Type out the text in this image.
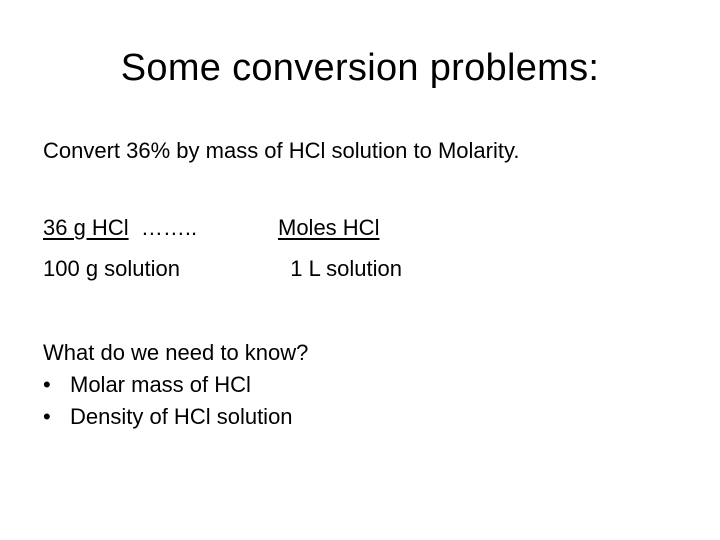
Some conversion problems:
Convert 36% by mass of HCl solution to Molarity.
36 g HCl ……..
100 g solution
Moles HCl
1 L solution
What do we need to know?
• Molar mass of HCl
• Density of HCl solution
